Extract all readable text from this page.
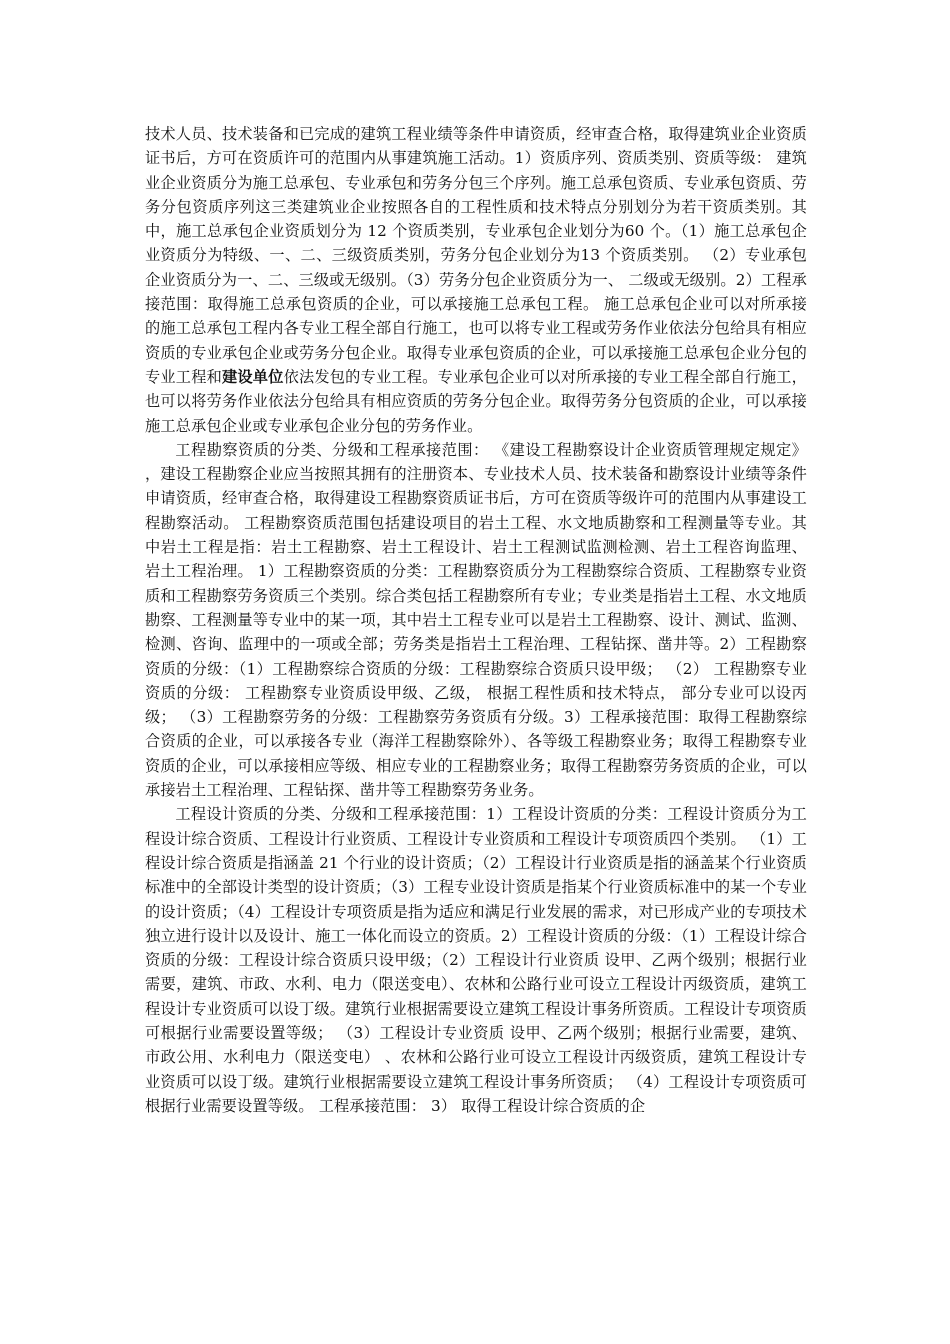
技术人员、技术装备和已完成的建筑工程业绩等条件申请资质，经审查合格，取得建筑业企业资质证书后，方可在资质许可的范围内从事建筑施工活动。1）资质序列、资质类别、资质等级： 建筑业企业资质分为施工总承包、专业承包和劳务分包三个序列。施工总承包资质、专业承包资质、劳务分包资质序列这三类建筑业企业按照各自的工程性质和技术特点分别划分为若干资质类别。其中，施工总承包企业资质划分为 12 个资质类别，专业承包企业划分为60 个。（1）施工总承包企业资质分为特级、一、二、三级资质类别，劳务分包企业划分为13 个资质类别。 （2）专业承包企业资质分为一、二、三级或无级别。（3）劳务分包企业资质分为一、 二级或无级别。2）工程承接范围：取得施工总承包资质的企业，可以承接施工总承包工程。 施工总承包企业可以对所承接的施工总承包工程内各专业工程全部自行施工，也可以将专业工程或劳务作业依法分包给具有相应资质的专业承包企业或劳务分包企业。取得专业承包资质的企业，可以承接施工总承包企业分包的专业工程和建设单位依法发包的专业工程。专业承包企业可以对所承接的专业工程全部自行施工，也可以将劳务作业依法分包给具有相应资质的劳务分包企业。取得劳务分包资质的企业，可以承接施工总承包企业或专业承包企业分包的劳务作业。

工程勘察资质的分类、分级和工程承接范围： 《建设工程勘察设计企业资质管理规定规定》 ，建设工程勘察企业应当按照其拥有的注册资本、专业技术人员、技术装备和勘察设计业绩等条件申请资质，经审查合格，取得建设工程勘察资质证书后，方可在资质等级许可的范围内从事建设工程勘察活动。 工程勘察资质范围包括建设项目的岩土工程、水文地质勘察和工程测量等专业。其中岩土工程是指：岩土工程勘察、岩土工程设计、岩土工程测试监测检测、岩土工程咨询监理、 岩土工程治理。 1）工程勘察资质的分类：工程勘察资质分为工程勘察综合资质、工程勘察专业资质和工程勘察劳务资质三个类别。综合类包括工程勘察所有专业；专业类是指岩土工程、水文地质勘察、工程测量等专业中的某一项，其中岩土工程专业可以是岩土工程勘察、设计、测试、监测、检测、咨询、监理中的一项或全部；劳务类是指岩土工程治理、工程钻探、凿井等。2）工程勘察资质的分级：（1）工程勘察综合资质的分级：工程勘察综合资质只设甲级； （2） 工程勘察专业资质的分级： 工程勘察专业资质设甲级、乙级， 根据工程性质和技术特点， 部分专业可以设丙级； （3）工程勘察劳务的分级：工程勘察劳务资质有分级。3）工程承接范围：取得工程勘察综合资质的企业，可以承接各专业（海洋工程勘察除外）、各等级工程勘察业务；取得工程勘察专业资质的企业，可以承接相应等级、相应专业的工程勘察业务；取得工程勘察劳务资质的企业，可以承接岩土工程治理、工程钻探、凿井等工程勘察劳务业务。

工程设计资质的分类、分级和工程承接范围：1）工程设计资质的分类：工程设计资质分为工程设计综合资质、工程设计行业资质、工程设计专业资质和工程设计专项资质四个类别。 （1）工程设计综合资质是指涵盖 21 个行业的设计资质；（2）工程设计行业资质是指的涵盖某个行业资质标准中的全部设计类型的设计资质；（3）工程专业设计资质是指某个行业资质标准中的某一个专业的设计资质；（4）工程设计专项资质是指为适应和满足行业发展的需求，对已形成产业的专项技术独立进行设计以及设计、施工一体化而设立的资质。2）工程设计资质的分级：（1）工程设计综合资质的分级：工程设计综合资质只设甲级；（2）工程设计行业资质 设甲、乙两个级别；根据行业需要，建筑、市政、水利、电力（限送变电）、农林和公路行业可设立工程设计丙级资质，建筑工程设计专业资质可以设丁级。建筑行业根据需要设立建筑工程设计事务所资质。工程设计专项资质可根据行业需要设置等级； （3）工程设计专业资质 设甲、乙两个级别；根据行业需要，建筑、市政公用、水利电力（限送变电） 、农林和公路行业可设立工程设计丙级资质，建筑工程设计专业资质可以设丁级。建筑行业根据需要设立建筑工程设计事务所资质； （4）工程设计专项资质可根据行业需要设置等级。 工程承接范围： 3） 取得工程设计综合资质的企
